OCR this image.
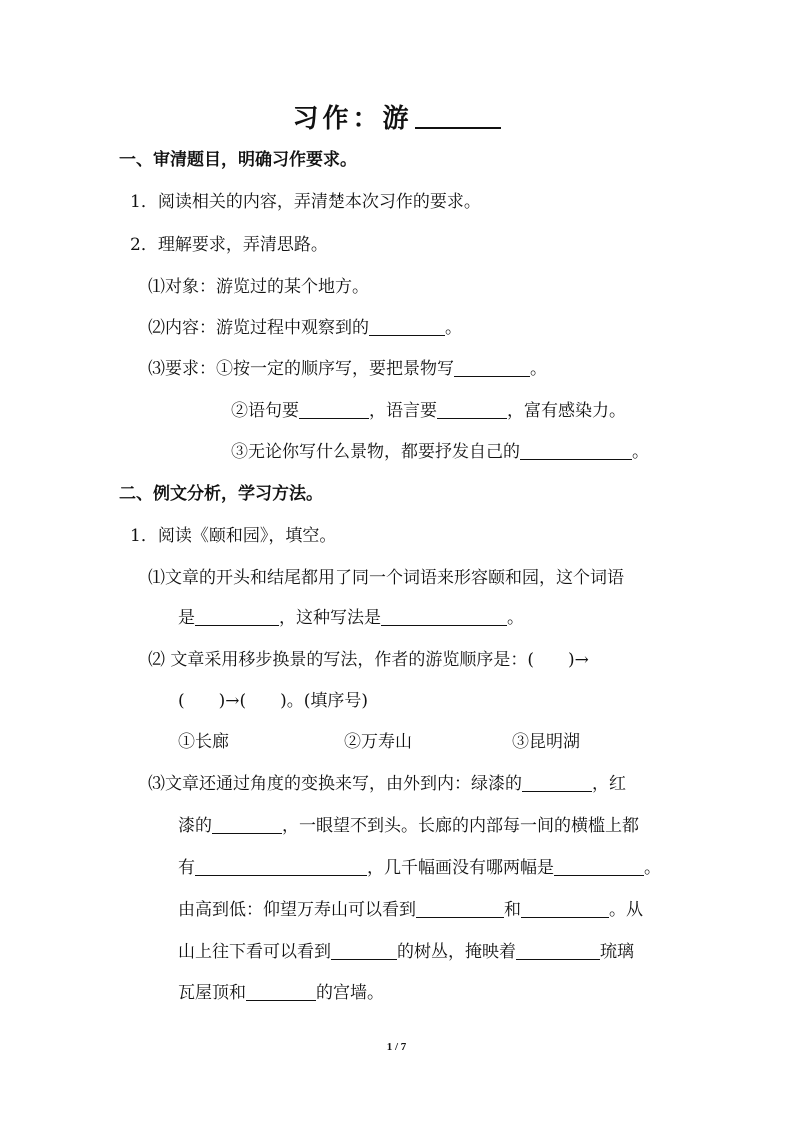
习作：游
一、审清题目，明确习作要求。
1．阅读相关的内容，弄清楚本次习作的要求。
2．理解要求，弄清思路。
⑴对象：游览过的某个地方。
⑵内容：游览过程中观察到的	。
⑶要求：①按一定的顺序写，要把景物写	。
②语句要	，语言要	，富有感染力。
③无论你写什么景物，都要抒发自己的	。
二、例文分析，学习方法。
1．阅读《颐和园》，填空。
⑴文章的开头和结尾都用了同一个词语来形容颐和园，这个词语
是	，这种写法是	。
⑵ 文章采用移步换景的写法，作者的游览顺序是：(　　)→
(　　)→(　　)。(填序号)
①长廊	②万寿山	③昆明湖
⑶文章还通过角度的变换来写，由外到内：绿漆的	，红
漆的	，一眼望不到头。长廊的内部每一间的横槛上都
有	，几千幅画没有哪两幅是	。
由高到低：仰望万寿山可以看到	和	。从
山上往下看可以看到	的树丛，掩映着	琉璃
瓦屋顶和	的宫墙。
1 / 7
